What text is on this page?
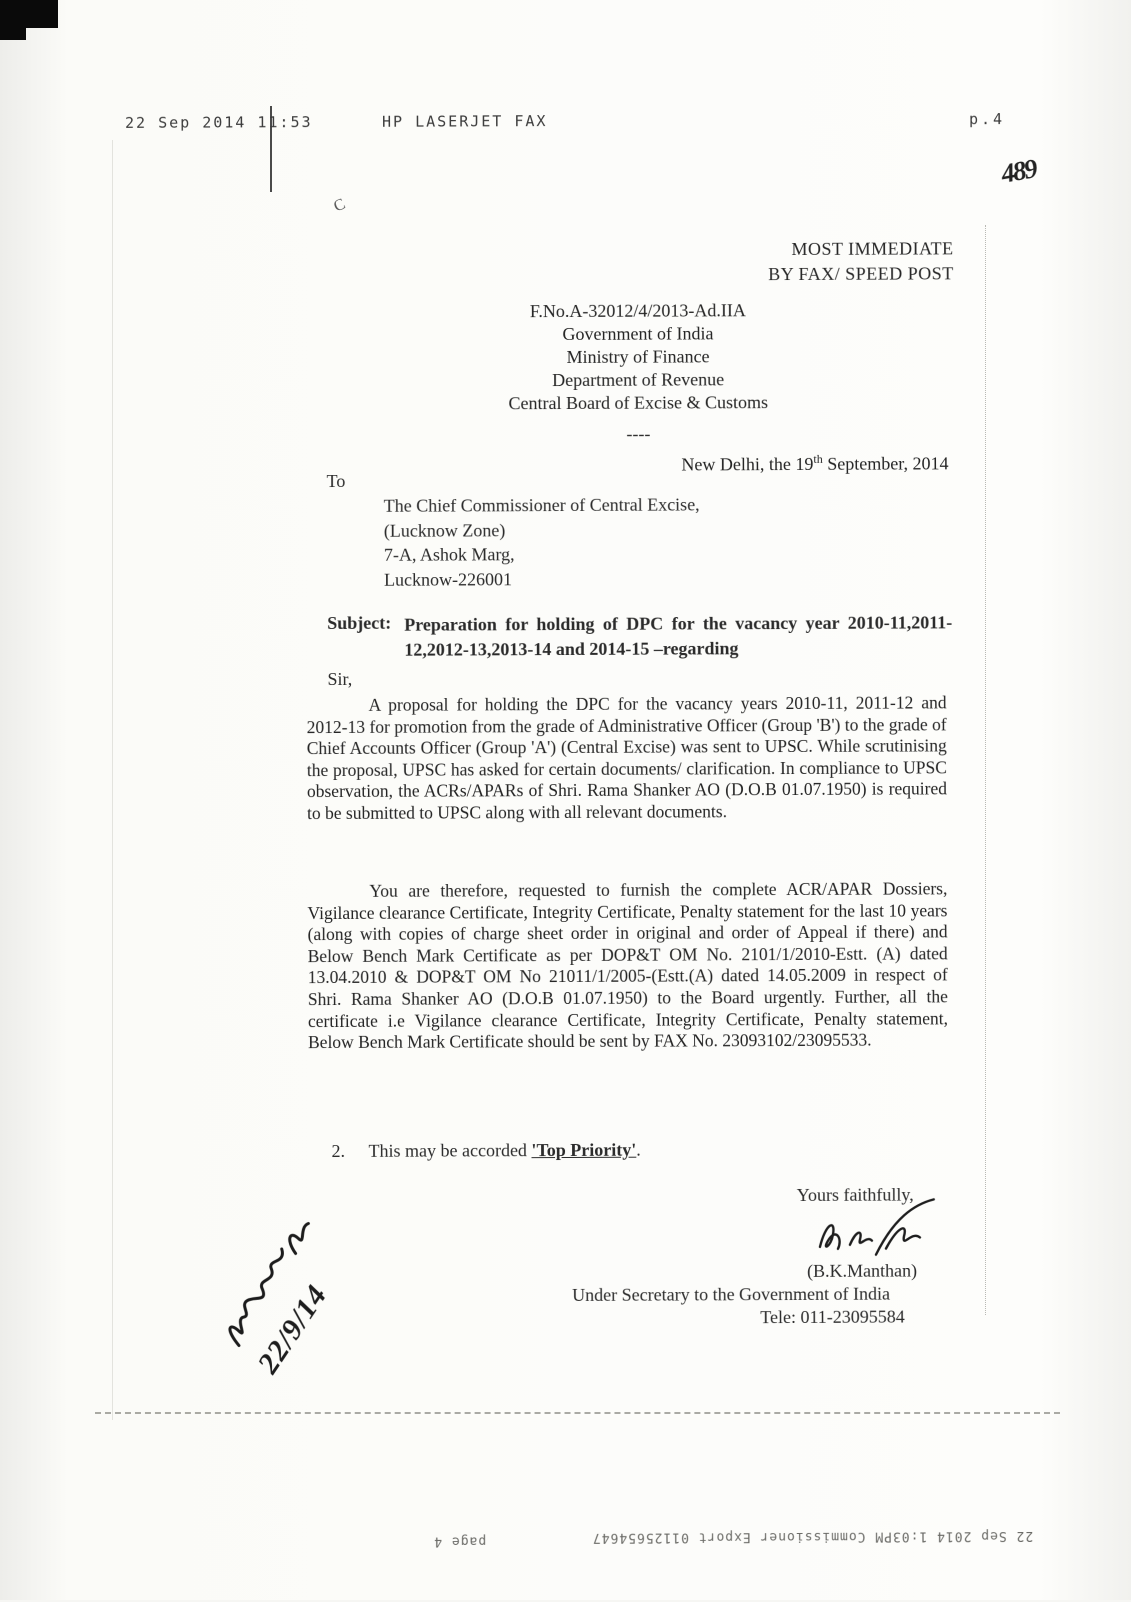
22 Sep 2014 11:53	HP LASERJET FAX	p.4
489
C
MOST IMMEDIATE
BY FAX/ SPEED POST
F.No.A-32012/4/2013-Ad.IIA
Government of India
Ministry of Finance
Department of Revenue
Central Board of Excise & Customs
----
New Delhi, the 19th September, 2014
To
The Chief Commissioner of Central Excise,
(Lucknow Zone)
7-A, Ashok Marg,
Lucknow-226001
Subject: Preparation for holding of DPC for the vacancy year 2010-11,2011-12,2012-13,2013-14 and 2014-15 –regarding
Sir,
A proposal for holding the DPC for the vacancy years 2010-11, 2011-12 and 2012-13 for promotion from the grade of Administrative Officer (Group 'B') to the grade of Chief Accounts Officer (Group 'A') (Central Excise) was sent to UPSC. While scrutinising the proposal, UPSC has asked for certain documents/ clarification. In compliance to UPSC observation, the ACRs/APARs of Shri. Rama Shanker AO (D.O.B 01.07.1950) is required to be submitted to UPSC along with all relevant documents.
You are therefore, requested to furnish the complete ACR/APAR Dossiers, Vigilance clearance Certificate, Integrity Certificate, Penalty statement for the last 10 years (along with copies of charge sheet order in original and order of Appeal if there) and Below Bench Mark Certificate as per DOP&T OM No. 2101/1/2010-Estt. (A) dated 13.04.2010 & DOP&T OM No 21011/1/2005-(Estt.(A) dated 14.05.2009 in respect of Shri. Rama Shanker AO (D.O.B 01.07.1950) to the Board urgently. Further, all the certificate i.e Vigilance clearance Certificate, Integrity Certificate, Penalty statement, Below Bench Mark Certificate should be sent by FAX No. 23093102/23095533.
2. This may be accorded 'Top Priority'.
Yours faithfully,
(B.K.Manthan)
Under Secretary to the Government of India
Tele: 011-23095584
22/9/14
22 Sep 2014 1:03PM Commissioner Export 01125654647
page 4
